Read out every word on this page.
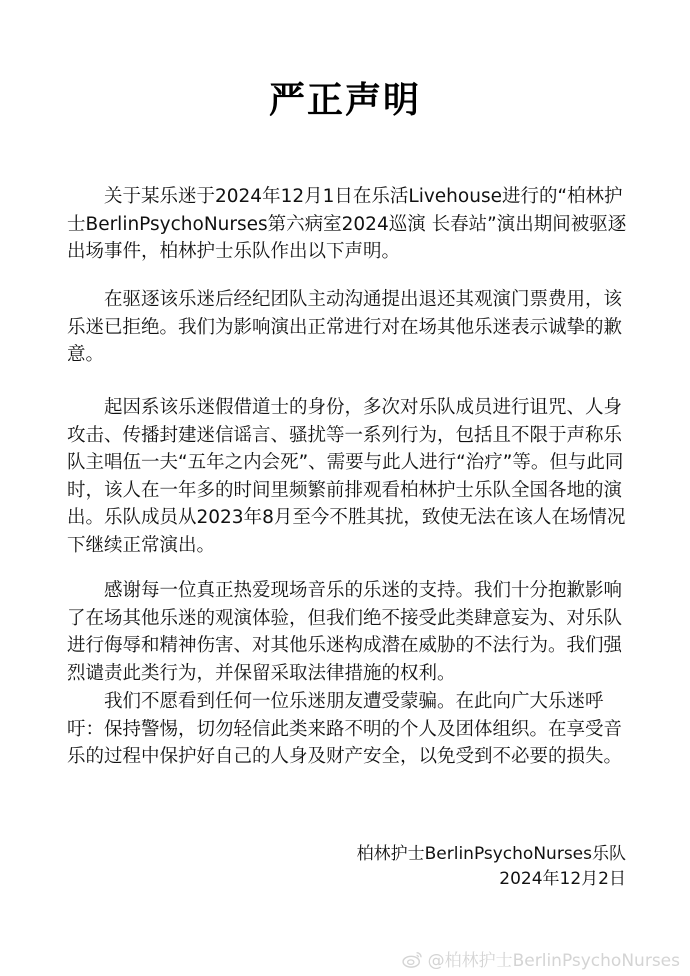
严正声明

关于某乐迷于2024年12月1日在乐活Livehouse进行的“柏林护士BerlinPsychoNurses第六病室2024巡演 长春站”演出期间被驱逐出场事件，柏林护士乐队作出以下声明。

在驱逐该乐迷后经纪团队主动沟通提出退还其观演门票费用，该乐迷已拒绝。我们为影响演出正常进行对在场其他乐迷表示诚挚的歉意。

起因系该乐迷假借道士的身份，多次对乐队成员进行诅咒、人身攻击、传播封建迷信谣言、骚扰等一系列行为，包括且不限于声称乐队主唱伍一夫“五年之内会死”、需要与此人进行“治疗”等。但与此同时，该人在一年多的时间里频繁前排观看柏林护士乐队全国各地的演出。乐队成员从2023年8月至今不胜其扰，致使无法在该人在场情况下继续正常演出。

感谢每一位真正热爱现场音乐的乐迷的支持。我们十分抱歉影响了在场其他乐迷的观演体验，但我们绝不接受此类肆意妄为、对乐队进行侮辱和精神伤害、对其他乐迷构成潜在威胁的不法行为。我们强烈谴责此类行为，并保留采取法律措施的权利。

我们不愿看到任何一位乐迷朋友遭受蒙骗。在此向广大乐迷呼吁：保持警惕，切勿轻信此类来路不明的个人及团体组织。在享受音乐的过程中保护好自己的人身及财产安全，以免受到不必要的损失。

柏林护士BerlinPsychoNurses乐队
2024年12月2日
@柏林护士BerlinPsychoNurses
